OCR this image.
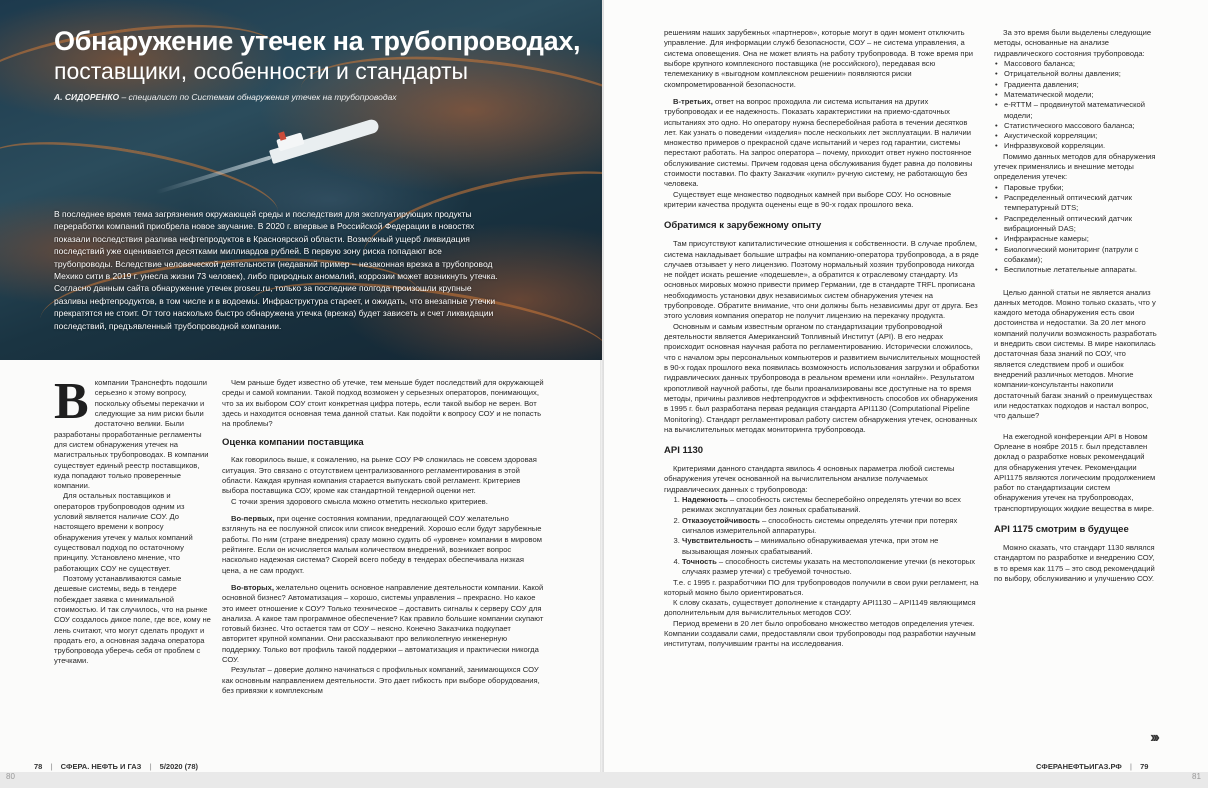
Обнаружение утечек на трубопроводах,
поставщики, особенности и стандарты
А. СИДОРЕНКО – специалист по Системам обнаружения утечек на трубопроводах
В последнее время тема загрязнения окружающей среды и последствия для эксплуатирующих продукты переработки компаний приобрела новое звучание. В 2020 г. впервые в Российской Федерации в новостях показали последствия разлива нефтепродуктов в Красноярской области. Возможный ущерб ликвидация последствий уже оценивается десятками миллиардов рублей. В первую зону риска попадают все трубопроводы. Вследствие человеческой деятельности (недавний пример – незаконная врезка в трубопровод Мехико сити в 2019 г. унесла жизни 73 человек), либо природных аномалий, коррозии может возникнуть утечка. Согласно данным сайта обнаружение утечек proseu.ru, только за последние полгода произошли крупные разливы нефтепродуктов, в том числе и в водоемы. Инфраструктура стареет, и ожидать, что внезапные утечки прекратятся не стоит. От того насколько быстро обнаружена утечка (врезка) будет зависеть и счет ликвидации последствий, предъявленный трубопроводной компании.
В компании Транснефть подошли серьезно к этому вопросу, поскольку объемы перекачки и следующие за ним риски были достаточно велики. Были разработаны проработанные регламенты для систем обнаружения утечек на магистральных трубопроводах. В компании существует единый реестр поставщиков, куда попадают только проверенные компании.

Для остальных поставщиков и операторов трубопроводов одним из условий является наличие СОУ. До настоящего времени к вопросу обнаружения утечек у малых компаний существовал подход по остаточному принципу. Установлено мнение, что работающих СОУ не существует.

Поэтому устанавливаются самые дешевые системы, ведь в тендере побеждает заявка с минимальной стоимостью. И так случилось, что на рынке СОУ создалось дикое поле, где все, кому не лень считают, что могут сделать продукт и продать его, а основная задача оператора трубопровода уберечь себя от проблем с утечками.

Чем раньше будет известно об утечке, тем меньше будет последствий для окружающей среды и самой компании. Такой подход возможен у серьезных операторов, понимающих, что за их выбором СОУ стоит конкретная цифра потерь, если такой выбор не верен. Вот здесь и находится основная тема данной статьи. Как подойти к вопросу СОУ и не попасть на проблемы?

Оценка компании поставщика

Как говорилось выше, к сожалению, на рынке СОУ РФ сложилась не совсем здоровая ситуация. Это связано с отсутствием централизованного регламентирования в этой области. Каждая крупная компания старается выпускать свой регламент. Критериев выбора поставщика СОУ, кроме как стандартной тендерной оценки нет.

С точки зрения здорового смысла можно отметить несколько критериев.

Во-первых, при оценке состояния компании, предлагающей СОУ желательно взглянуть на ее послужной список или список внедрений. Хорошо если будут зарубежные работы. По ним (стране внедрения) сразу можно судить об «уровне» компании в мировом рейтинге. Если он исчисляется малым количеством внедрений, возникает вопрос насколько надежная система? Скорей всего победу в тендерах обеспечивала низкая цена, а не сам продукт.

Во-вторых, желательно оценить основное направление деятельности компании. Какой основной бизнес? Автоматизация – хорошо, системы управления – прекрасно. Но какое это имеет отношение к СОУ? Только техническое – доставить сигналы к серверу СОУ для анализа. А какое там программное обеспечение? Как правило большие компании скупают готовый бизнес. Что остается там от СОУ – неясно. Конечно Заказчика подкупает авторитет крупной компании. Они рассказывают про великолепную инженерную поддержку. Только вот профиль такой поддержки – автоматизация и практически никогда СОУ.

Результат – доверие должно начинаться с профильных компаний, занимающихся СОУ как основным направлением деятельности. Это дает гибкость при выборе оборудования, без привязки к комплексным

78 | СФЕРА. НЕФТЬ И ГАЗ | 5/2020 (78)

решениям наших зарубежных «партнеров», которые могут в один момент отключить управление. Для информации служб безопасности, СОУ – не система управления, а система оповещения. Она не может влиять на работу трубопровода. В тоже время при выборе крупного комплексного поставщика (не российского), передавая всю телемеханику в «выгодном комплексном решении» появляются риски скомпрометированной безопасности.

В-третьих, ответ на вопрос проходила ли система испытания на других трубопроводах и ее надежность. Показать характеристики на приемо-сдаточных испытаниях это одно. Но оператору нужна бесперебойная работа в течении десятков лет. Как узнать о поведении «изделия» после нескольких лет эксплуатации. В наличии множество примеров о прекрасной сдаче испытаний и через год гарантии, системы перестают работать. На запрос оператора – почему, приходит ответ нужно постоянное обслуживание системы. Причем годовая цена обслуживания будет равна до половины стоимости поставки. По факту Заказчик «купил» ручную систему, не работающую без человека.

Существует еще множество подводных камней при выборе СОУ. Но основные критерии качества продукта оценены еще в 90-х годах прошлого века.

Обратимся к зарубежному опыту

Там присутствуют капиталистические отношения к собственности. В случае проблем, система накладывает большие штрафы на компанию-оператора трубопровода, а в ряде случаев отзывает у него лицензию. Поэтому нормальный хозяин трубопровода никогда не пойдет искать решение «подешевле», а обратится к отраслевому стандарту. Из основных мировых можно привести пример Германии, где в стандарте TRFL прописана необходимость установки двух независимых систем обнаружения утечек на трубопроводе. Обратите внимание, что они должны быть независимы друг от друга. Без этого условия компания оператор не получит лицензию на перекачку продукта.

Основным и самым известным органом по стандартизации трубопроводной деятельности является Американский Топливный Институт (API). В его недрах происходит основная научная работа по регламентированию. Исторически сложилось, что с началом эры персональных компьютеров и развитием вычислительных мощностей в 90-х годах прошлого века появилась возможность использования загрузки и обработки гидравлических данных трубопровода в реальном времени или «онлайн». Результатом кропотливой научной работы, где были проанализированы все доступные на то время методы, причины разливов нефтепродуктов и эффективность способов их обнаружения в 1995 г. был разработана первая редакция стандарта API1130 (Computational Pipeline Monitoring). Стандарт регламентировал работу систем обнаружения утечек, основанных на вычислительных методах мониторинга трубопровода.

API 1130

Критериями данного стандарта явилось 4 основных параметра любой системы обнаружения утечек основанной на вычислительном анализе получаемых гидравлических данных с трубопровода:

1. Надежность – способность системы бесперебойно определять утечки во всех режимах эксплуатации без ложных срабатываний.
2. Отказоустойчивость – способность системы определять утечки при потерях сигналов измерительной аппаратуры.
3. Чувствительность – минимально обнаруживаемая утечка, при этом не вызывающая ложных срабатываний.
4. Точность – способность системы указать на местоположение утечки (в некоторых случаях размер утечки) с требуемой точностью.

Т.е. с 1995 г. разработчики ПО для трубопроводов получили в свои руки регламент, на который можно было ориентироваться.

К слову сказать, существует дополнение к стандарту API1130 – API1149 являющимся дополнительным для вычислительных методов СОУ.

Период времени в 20 лет было опробовано множество методов определения утечек. Компании создавали сами, предоставляли свои трубопроводы под разработки научным институтам, получившим гранты на исследования.

За это время были выделены следующие методы, основанные на анализе гидравлического состояния трубопровода:

• Массового баланса;
• Отрицательной волны давления;
• Градиента давления;
• Математической модели;
• e-RTTM – продвинутой математической модели;
• Статистического массового баланса;
• Акустической корреляции;
• Инфразвуковой корреляции.

Помимо данных методов для обнаружения утечек применялись и внешние методы определения утечек:

• Паровые трубки;
• Распределенный оптический датчик температурный DTS;
• Распределенный оптический датчик вибрационный DAS;
• Инфракрасные камеры;
• Биологический мониторинг (патрули с собаками);
• Беспилотные летательные аппараты.

Целью данной статьи не является анализ данных методов. Можно только сказать, что у каждого метода обнаружения есть свои достоинства и недостатки. За 20 лет много компаний получили возможность разработать и внедрить свои системы. В мире накопилась достаточная база знаний по СОУ, что является следствием проб и ошибок внедрений различных методов. Многие компании-консультанты накопили достаточный багаж знаний о преимуществах или недостатках подходов и настал вопрос, что дальше?

На ежегодной конференции API в Новом Орлеане в ноябре 2015 г. был представлен доклад о разработке новых рекомендаций для обнаружения утечек. Рекомендации API1175 являются логическим продолжением работ по стандартизации систем обнаружения утечек на трубопроводах, транспортирующих жидкие вещества в мире.

API 1175 смотрим в будущее

Можно сказать, что стандарт 1130 являлся стандартом по разработке и внедрению СОУ, в то время как 1175 – это свод рекомендаций по выбору, обслуживанию и улучшению СОУ.

СФЕРАНЕФТЬИГАЗ.РФ | 79
›››
80	81
